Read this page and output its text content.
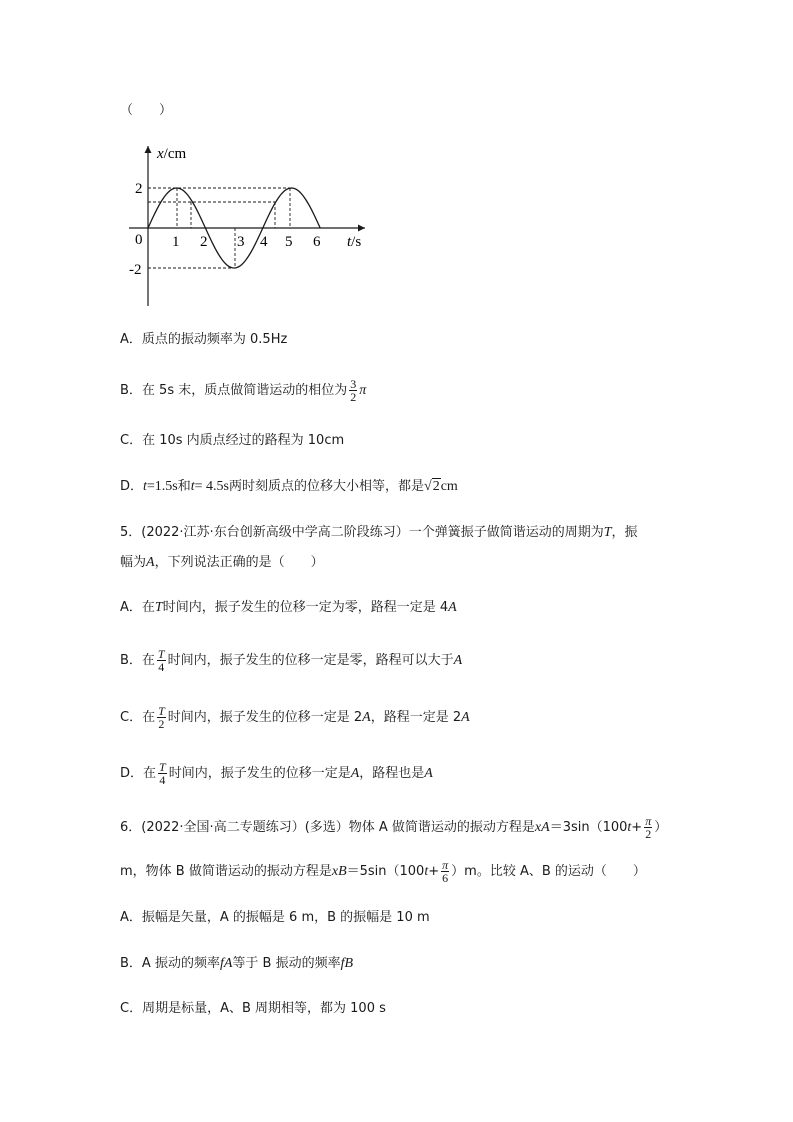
（　　）
x/cm
t/s
0 1 2 3 4 5 6
2
-2
A．质点的振动频率为 0.5Hz
B．在 5s 末，质点做简谐运动的相位为 $\frac{3}{2}$ π
C．在 10s 内质点经过的路程为 10cm
D．t=1.5s和t= 4.5s两时刻质点的位移大小相等，都是√2cm
5．(2022·江苏·东台创新高级中学高二阶段练习）一个弹簧振子做简谐运动的周期为T，振
幅为A，下列说法正确的是（　　）
A．在T时间内，振子发生的位移一定为零，路程一定是 4A
B．在 $\frac{T}{4}$ 时间内，振子发生的位移一定是零，路程可以大于A
C．在 $\frac{T}{2}$ 时间内，振子发生的位移一定是 2A，路程一定是 2A
D．在 $\frac{T}{4}$ 时间内，振子发生的位移一定是A，路程也是A
6．(2022·全国·高二专题练习）(多选）物体 A 做简谐运动的振动方程是$xA=3\sin(100t+ \frac{\pi}{2}$ ）
m，物体 B 做简谐运动的振动方程是$xB=5\sin(100t+ \frac{\pi}{6} )m$。比较 A、B 的运动（　　）
A．振幅是矢量，A 的振幅是 6 m，B 的振幅是 10 m
B．A 振动的频率fA等于 B 振动的频率fB
C．周期是标量，A、B 周期相等，都为 100 s
